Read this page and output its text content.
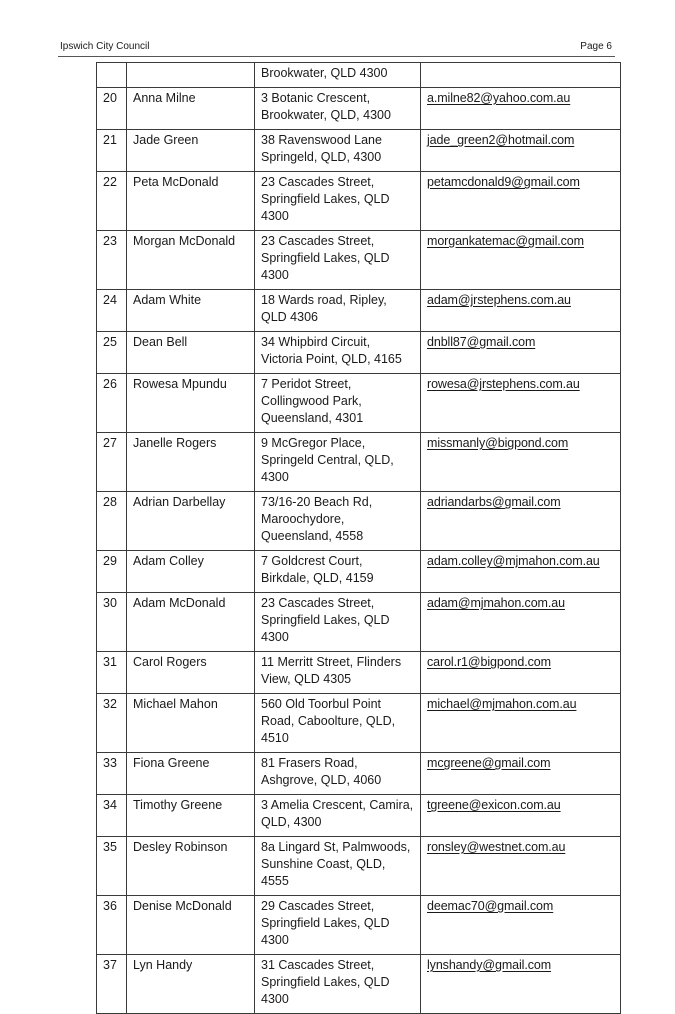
Ipswich City Council	Page 6
		Brookwater, QLD 4300	
20	Anna Milne	3 Botanic Crescent, Brookwater, QLD, 4300	a.milne82@yahoo.com.au
21	Jade Green	38 Ravenswood Lane Springeld, QLD, 4300	jade_green2@hotmail.com
22	Peta McDonald	23 Cascades Street, Springfield Lakes, QLD 4300	petamcdonald9@gmail.com
23	Morgan McDonald	23 Cascades Street, Springfield Lakes, QLD 4300	morgankatemac@gmail.com
24	Adam White	18 Wards road, Ripley, QLD 4306	adam@jrstephens.com.au
25	Dean Bell	34 Whipbird Circuit, Victoria Point, QLD, 4165	dnbll87@gmail.com
26	Rowesa Mpundu	7 Peridot Street, Collingwood Park, Queensland, 4301	rowesa@jrstephens.com.au
27	Janelle Rogers	9 McGregor Place, Springeld Central, QLD, 4300	missmanly@bigpond.com
28	Adrian Darbellay	73/16-20 Beach Rd, Maroochydore, Queensland, 4558	adriandarbs@gmail.com
29	Adam Colley	7 Goldcrest Court, Birkdale, QLD, 4159	adam.colley@mjmahon.com.au
30	Adam McDonald	23 Cascades Street, Springfield Lakes, QLD 4300	adam@mjmahon.com.au
31	Carol Rogers	11 Merritt Street, Flinders View, QLD 4305	carol.r1@bigpond.com
32	Michael Mahon	560 Old Toorbul Point Road, Caboolture, QLD, 4510	michael@mjmahon.com.au
33	Fiona Greene	81 Frasers Road, Ashgrove, QLD, 4060	mcgreene@gmail.com
34	Timothy Greene	3 Amelia Crescent, Camira, QLD, 4300	tgreene@exicon.com.au
35	Desley Robinson	8a Lingard St, Palmwoods, Sunshine Coast, QLD, 4555	ronsley@westnet.com.au
36	Denise McDonald	29 Cascades Street, Springfield Lakes, QLD 4300	deemac70@gmail.com
37	Lyn Handy	31 Cascades Street, Springfield Lakes, QLD 4300	lynshandy@gmail.com
